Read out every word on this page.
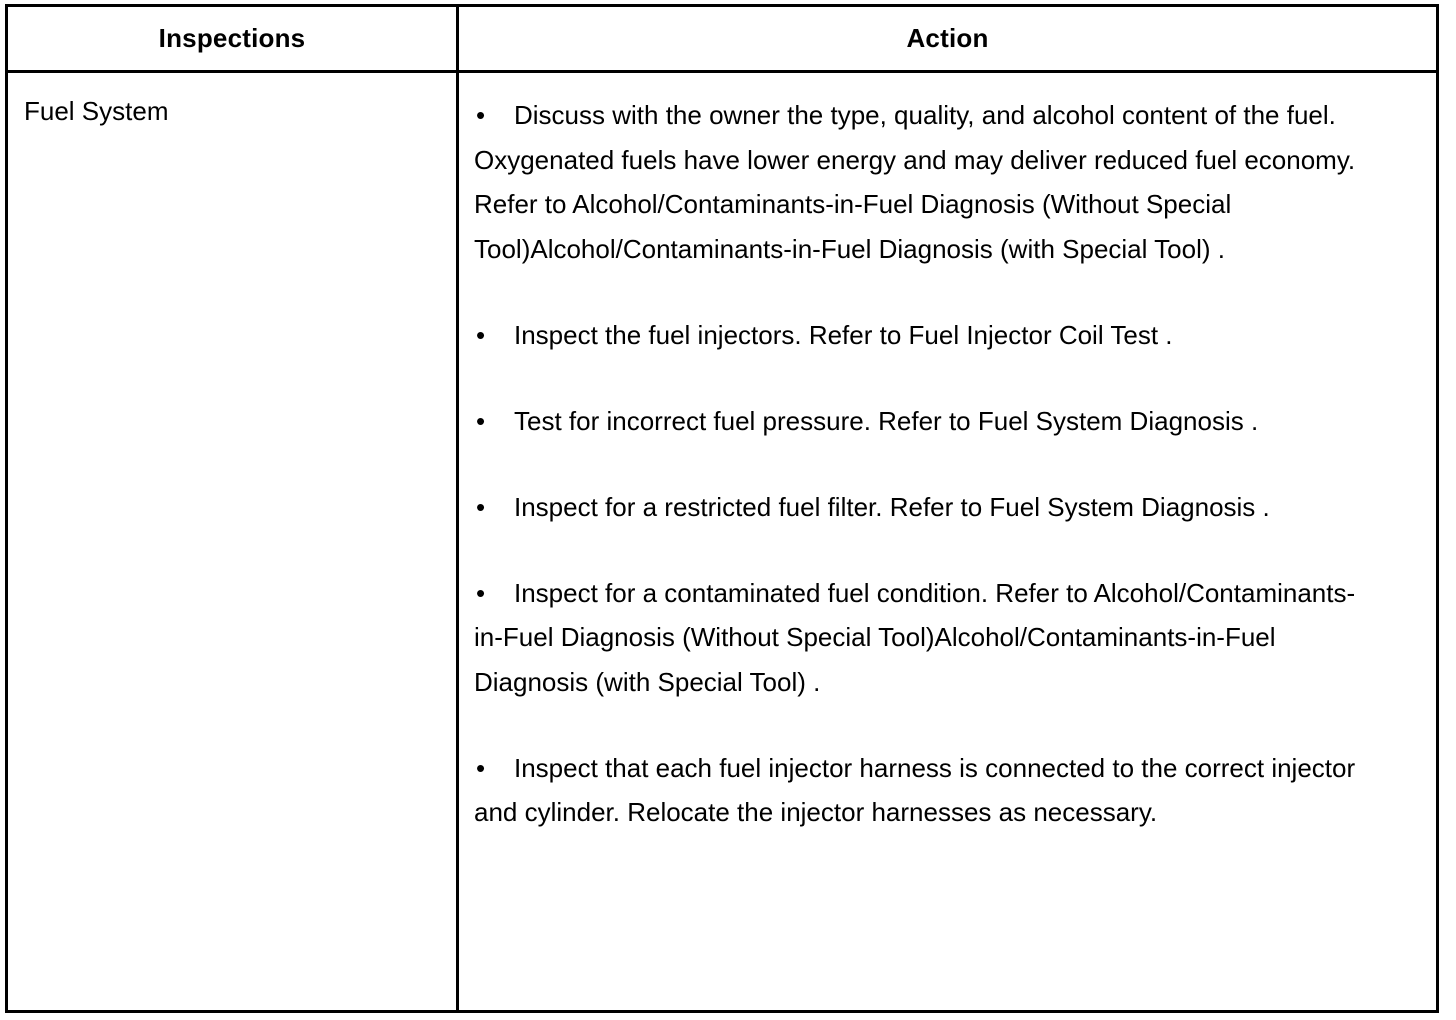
Inspections	Action
Fuel System	• Discuss with the owner the type, quality, and alcohol content of the fuel. Oxygenated fuels have lower energy and may deliver reduced fuel economy. Refer to Alcohol/Contaminants-in-Fuel Diagnosis (Without Special Tool)Alcohol/Contaminants-in-Fuel Diagnosis (with Special Tool) .
• Inspect the fuel injectors. Refer to Fuel Injector Coil Test .
• Test for incorrect fuel pressure. Refer to Fuel System Diagnosis .
• Inspect for a restricted fuel filter. Refer to Fuel System Diagnosis .
• Inspect for a contaminated fuel condition. Refer to Alcohol/Contaminants-in-Fuel Diagnosis (Without Special Tool)Alcohol/Contaminants-in-Fuel Diagnosis (with Special Tool) .
• Inspect that each fuel injector harness is connected to the correct injector and cylinder. Relocate the injector harnesses as necessary.
